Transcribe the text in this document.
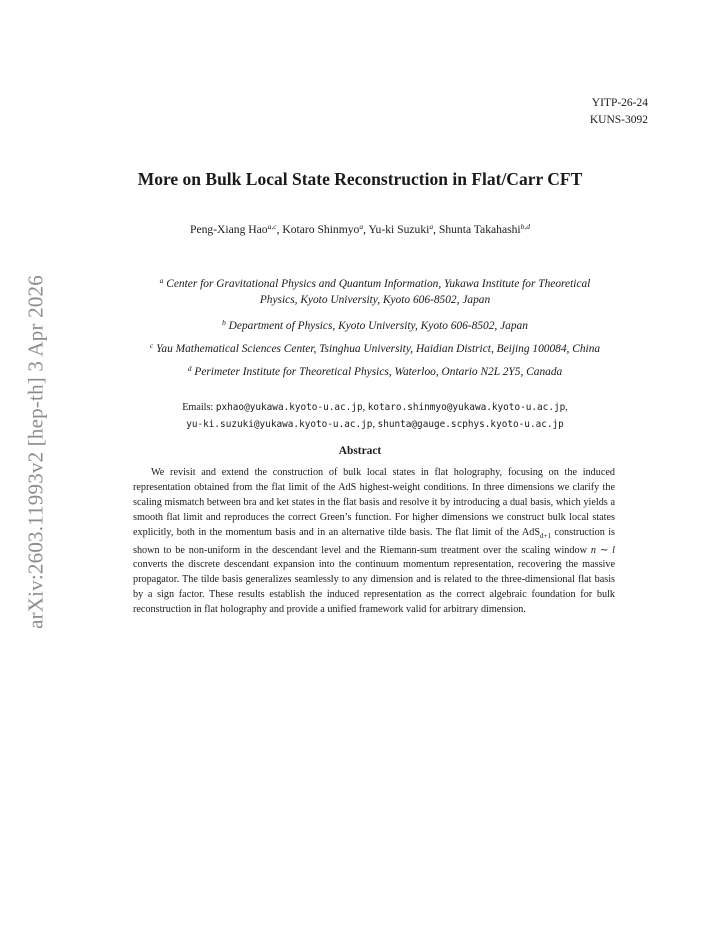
YITP-26-24
KUNS-3092
arXiv:2603.11993v2 [hep-th] 3 Apr 2026
More on Bulk Local State Reconstruction in Flat/Carr CFT
Peng-Xiang Hao$^{a,c}$, Kotaro Shinmyo$^a$, Yu-ki Suzuki$^a$, Shunta Takahashi$^{b,d}$
$^a$ Center for Gravitational Physics and Quantum Information, Yukawa Institute for Theoretical
Physics, Kyoto University, Kyoto 606-8502, Japan
$^b$ Department of Physics, Kyoto University, Kyoto 606-8502, Japan
$^c$ Yau Mathematical Sciences Center, Tsinghua University, Haidian District, Beijing 100084, China
$^d$ Perimeter Institute for Theoretical Physics, Waterloo, Ontario N2L 2Y5, Canada
Emails: pxhao@yukawa.kyoto-u.ac.jp, kotaro.shinmyo@yukawa.kyoto-u.ac.jp,
yu-ki.suzuki@yukawa.kyoto-u.ac.jp, shunta@gauge.scphys.kyoto-u.ac.jp
Abstract
We revisit and extend the construction of bulk local states in flat holography, focusing on the induced representation obtained from the flat limit of the AdS highest-weight conditions. In three dimensions we clarify the scaling mismatch between bra and ket states in the flat basis and resolve it by introducing a dual basis, which yields a smooth flat limit and reproduces the correct Green’s function. For higher dimensions we construct bulk local states explicitly, both in the momentum basis and in an alternative tilde basis. The flat limit of the AdS$_{d+1}$ construction is shown to be non-uniform in the descendant level and the Riemann-sum treatment over the scaling window n ∼ l converts the discrete descendant expansion into the continuum momentum representation, recovering the massive propagator. The tilde basis generalizes seamlessly to any dimension and is related to the three-dimensional flat basis by a sign factor. These results establish the induced representation as the correct algebraic foundation for bulk reconstruction in flat holography and provide a unified framework valid for arbitrary dimension.
